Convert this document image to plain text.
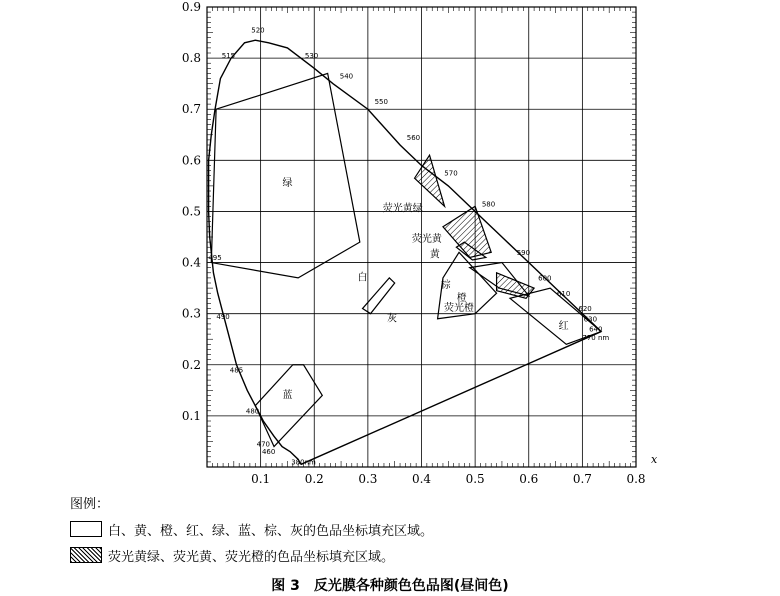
0.1	0.2	0.3	0.4	0.5	0.6	0.7	0.8
0.1
0.2
0.3
0.4
0.5
0.6
0.7
0.8
0.9
x
380nm
460
470
480
485
490
495
515
520
530
540
550
560
570
580
590
600
610
620
630
640
770 nm
绿
蓝
白
灰
棕
橙
荧光橙
红
黄
荧光黄
荧光黄绿
图例：
白、黄、橙、红、绿、蓝、棕、灰的色品坐标填充区域。
荧光黄绿、荧光黄、荧光橙的色品坐标填充区域。
图 3　反光膜各种颜色色品图(昼间色)
